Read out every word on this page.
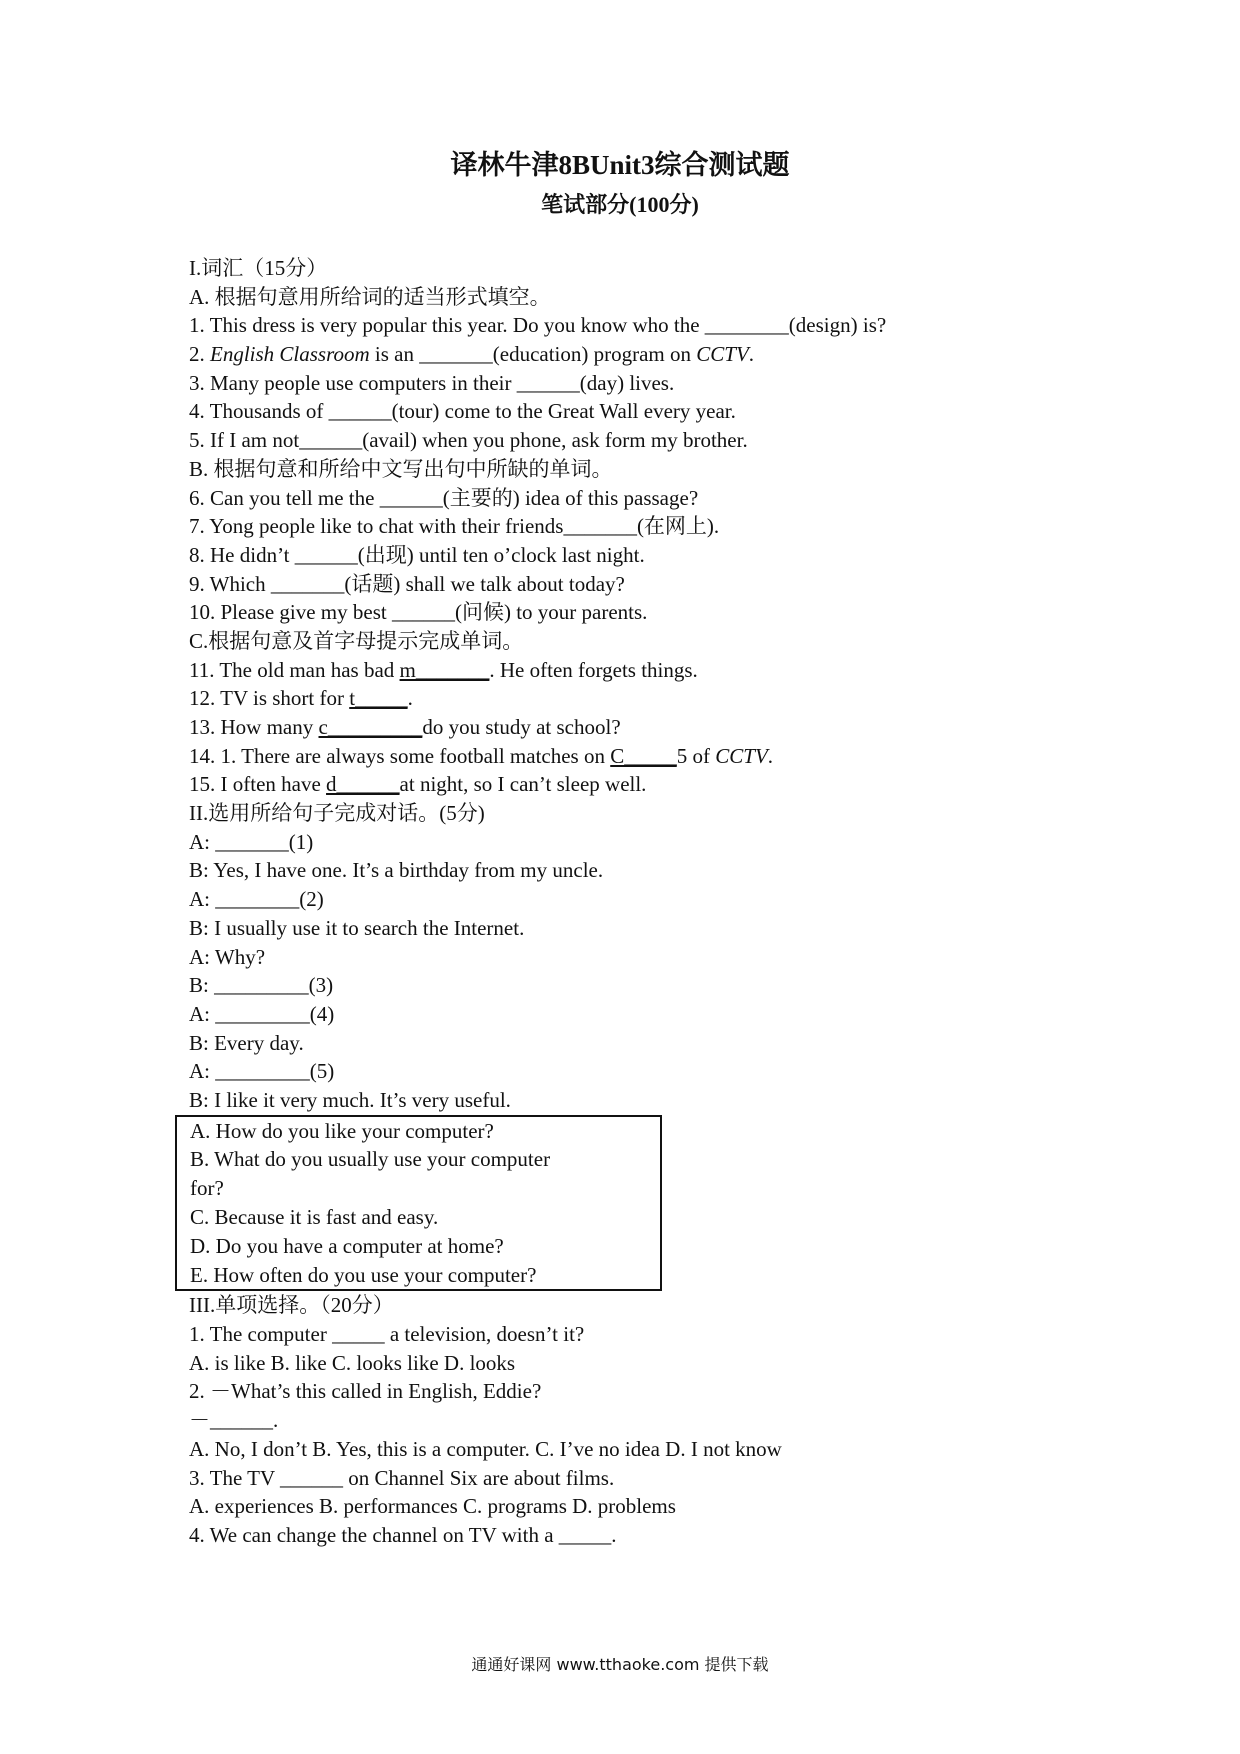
译林牛津8BUnit3综合测试题
笔试部分(100分)
I.词汇（15分）
A. 根据句意用所给词的适当形式填空。
1. This dress is very popular this year. Do you know who the ________(design) is?
2. English Classroom is an _______(education) program on CCTV.
3. Many people use computers in their ______(day) lives.
4. Thousands of ______(tour) come to the Great Wall every year.
5. If I am not______(avail) when you phone, ask form my brother.
B. 根据句意和所给中文写出句中所缺的单词。
6. Can you tell me the ______(主要的) idea of this passage?
7. Yong people like to chat with their friends_______(在网上).
8. He didn’t ______(出现) until ten o’clock last night.
9. Which _______(话题) shall we talk about today?
10. Please give my best ______(问候) to your parents.
C.根据句意及首字母提示完成单词。
11. The old man has bad m_______. He often forgets things.
12. TV is short for t_____.
13. How many c_________do you study at school?
14. 1. There are always some football matches on C_____5 of CCTV.
15. I often have d______at night, so I can’t sleep well.
II.选用所给句子完成对话。(5分)
A: _______(1)
B: Yes, I have one. It’s a birthday from my uncle.
A: ________(2)
B: I usually use it to search the Internet.
A: Why?
B: _________(3)
A: _________(4)
B: Every day.
A: _________(5)
B: I like it very much. It’s very useful.
A. How do you like your computer?
B. What do you usually use your computer
for?
C. Because it is fast and easy.
D. Do you have a computer at home?
E. How often do you use your computer?
III.单项选择。（20分）
1. The computer _____ a television, doesn’t it?
A. is like B. like C. looks like D. looks
2. －What’s this called in English, Eddie?
－______.
A. No, I don’t B. Yes, this is a computer. C. I’ve no idea D. I not know
3. The TV ______ on Channel Six are about films.
A. experiences B. performances C. programs D. problems
4. We can change the channel on TV with a _____.
通通好课网 www.tthaoke.com 提供下载
